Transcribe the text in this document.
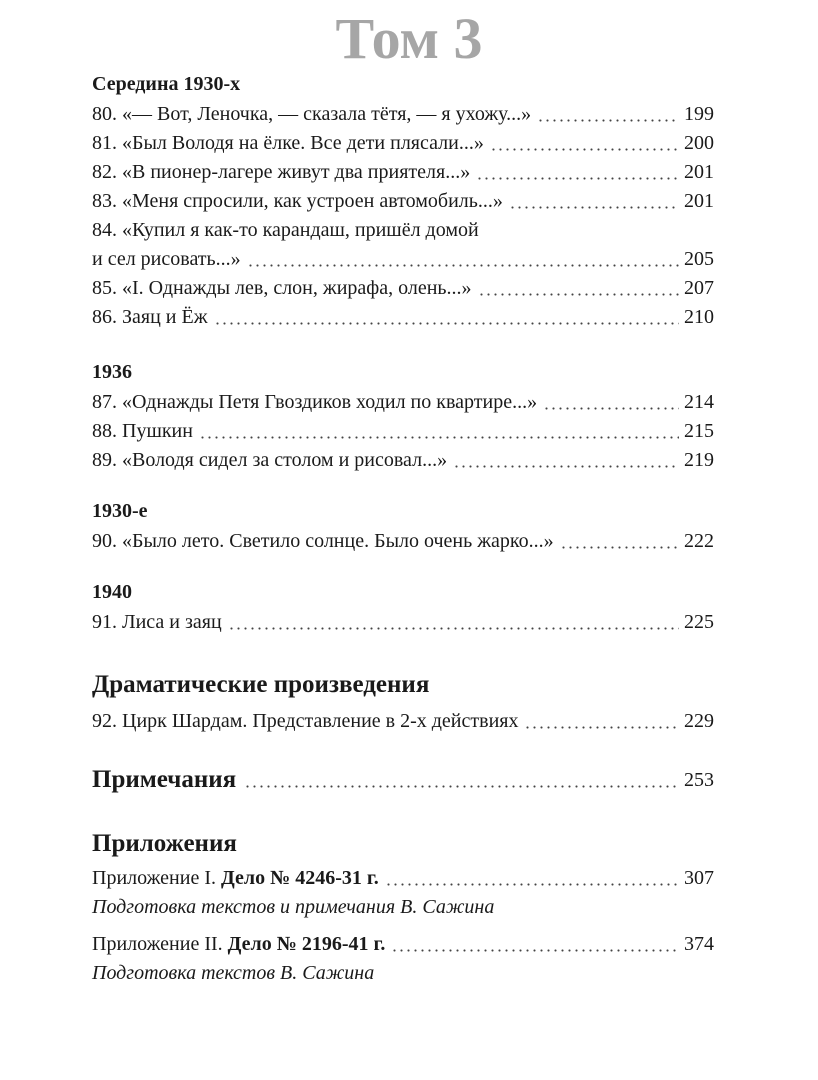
Том 3
Середина 1930-х
80. «— Вот, Леночка, — сказала тётя, — я ухожу...»	199
81. «Был Володя на ёлке. Все дети плясали...»	200
82. «В пионер-лагере живут два приятеля...»	201
83. «Меня спросили, как устроен автомобиль...»	201
84. «Купил я как-то карандаш, пришёл домой
и сел рисовать...»	205
85. «I. Однажды лев, слон, жирафа, олень...»	207
86. Заяц и Ёж	210
1936
87. «Однажды Петя Гвоздиков ходил по квартире...»	214
88. Пушкин	215
89. «Володя сидел за столом и рисовал...»	219
1930-е
90. «Было лето. Светило солнце. Было очень жарко...»	222
1940
91. Лиса и заяц	225
Драматические произведения
92. Цирк Шардам. Представление в 2-х действиях	229
Примечания	253
Приложения
Приложение I. Дело № 4246-31 г.	307
Подготовка текстов и примечания В. Сажина
Приложение II. Дело № 2196-41 г.	374
Подготовка текстов В. Сажина
